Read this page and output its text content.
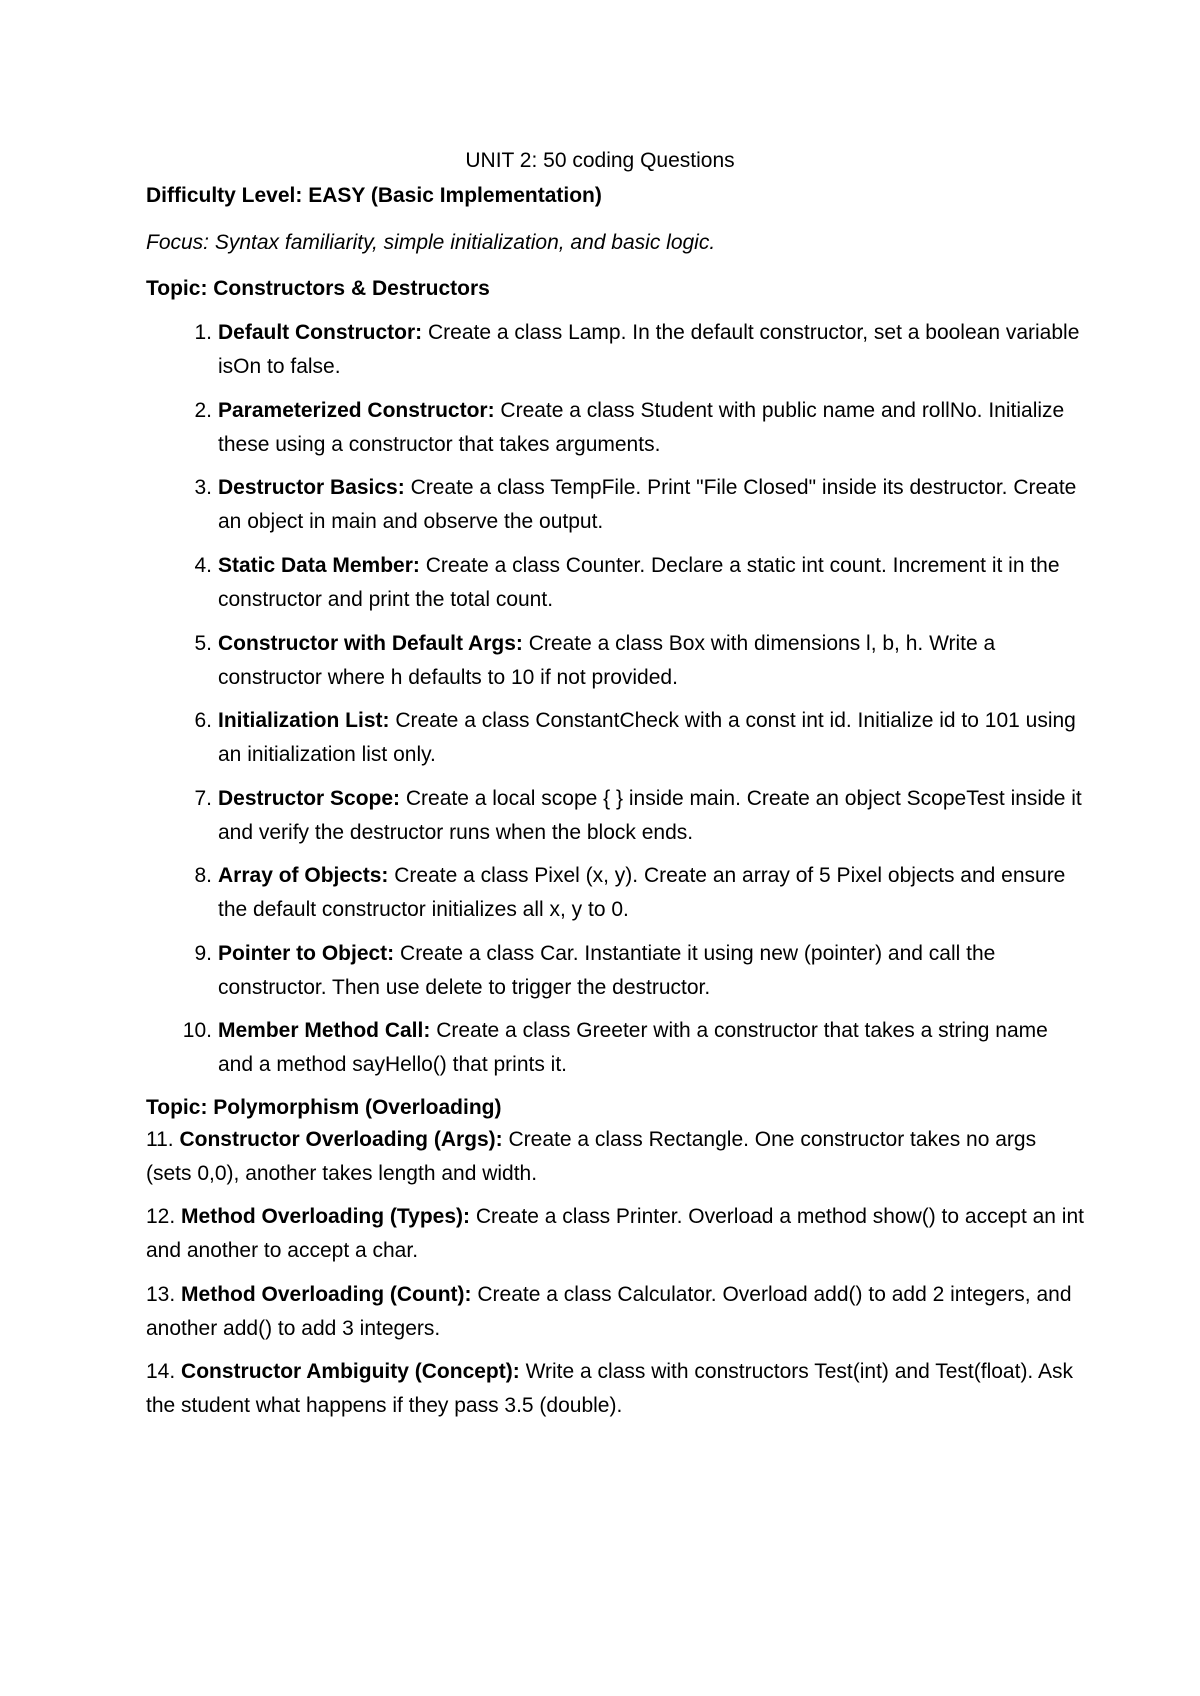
UNIT 2: 50 coding Questions
Difficulty Level: EASY (Basic Implementation)
Focus: Syntax familiarity, simple initialization, and basic logic.
Topic: Constructors & Destructors
1. Default Constructor: Create a class Lamp. In the default constructor, set a boolean variable isOn to false.
2. Parameterized Constructor: Create a class Student with public name and rollNo. Initialize these using a constructor that takes arguments.
3. Destructor Basics: Create a class TempFile. Print "File Closed" inside its destructor. Create an object in main and observe the output.
4. Static Data Member: Create a class Counter. Declare a static int count. Increment it in the constructor and print the total count.
5. Constructor with Default Args: Create a class Box with dimensions l, b, h. Write a constructor where h defaults to 10 if not provided.
6. Initialization List: Create a class ConstantCheck with a const int id. Initialize id to 101 using an initialization list only.
7. Destructor Scope: Create a local scope { } inside main. Create an object ScopeTest inside it and verify the destructor runs when the block ends.
8. Array of Objects: Create a class Pixel (x, y). Create an array of 5 Pixel objects and ensure the default constructor initializes all x, y to 0.
9. Pointer to Object: Create a class Car. Instantiate it using new (pointer) and call the constructor. Then use delete to trigger the destructor.
10. Member Method Call: Create a class Greeter with a constructor that takes a string name and a method sayHello() that prints it.
Topic: Polymorphism (Overloading)
11. Constructor Overloading (Args): Create a class Rectangle. One constructor takes no args (sets 0,0), another takes length and width.
12. Method Overloading (Types): Create a class Printer. Overload a method show() to accept an int and another to accept a char.
13. Method Overloading (Count): Create a class Calculator. Overload add() to add 2 integers, and another add() to add 3 integers.
14. Constructor Ambiguity (Concept): Write a class with constructors Test(int) and Test(float). Ask the student what happens if they pass 3.5 (double).
